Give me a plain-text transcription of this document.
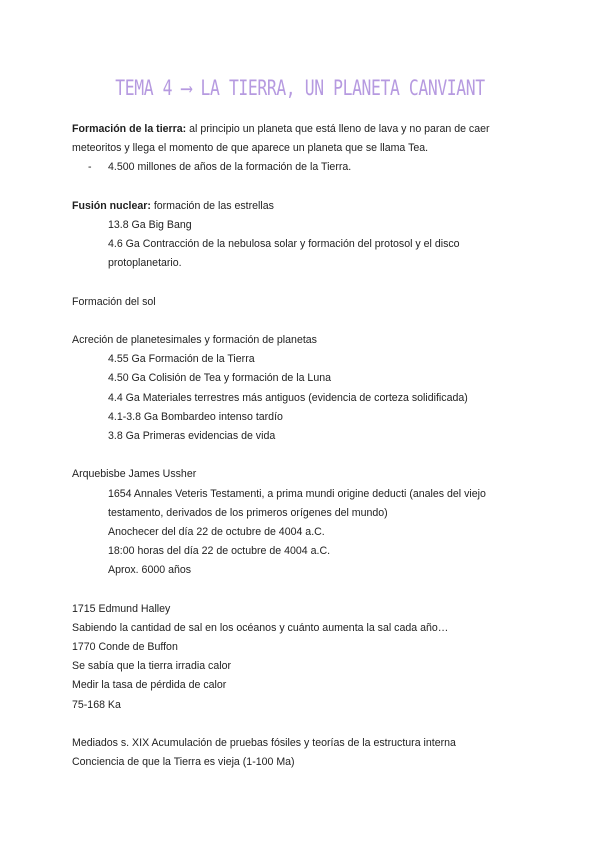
TEMA 4 ⟶ LA TIERRA, UN PLANETA CANVIANT
Formación de la tierra: al principio un planeta que está lleno de lava y no paran de caer
meteoritos y llega el momento de que aparece un planeta que se llama Tea.
- 4.500 millones de años de la formación de la Tierra.
Fusión nuclear: formación de las estrellas
13.8 Ga Big Bang
4.6 Ga Contracción de la nebulosa solar y formación del protosol y el disco
protoplanetario.
Formación del sol
Acreción de planetesimales y formación de planetas
4.55 Ga Formación de la Tierra
4.50 Ga Colisión de Tea y formación de la Luna
4.4 Ga Materiales terrestres más antiguos (evidencia de corteza solidificada)
4.1-3.8 Ga Bombardeo intenso tardío
3.8 Ga Primeras evidencias de vida
Arquebisbe James Ussher
1654 Annales Veteris Testamenti, a prima mundi origine deducti (anales del viejo
testamento, derivados de los primeros orígenes del mundo)
Anochecer del día 22 de octubre de 4004 a.C.
18:00 horas del día 22 de octubre de 4004 a.C.
Aprox. 6000 años
1715 Edmund Halley
Sabiendo la cantidad de sal en los océanos y cuánto aumenta la sal cada año…
1770 Conde de Buffon
Se sabía que la tierra irradia calor
Medir la tasa de pérdida de calor
75-168 Ka
Mediados s. XIX Acumulación de pruebas fósiles y teorías de la estructura interna
Conciencia de que la Tierra es vieja (1-100 Ma)
